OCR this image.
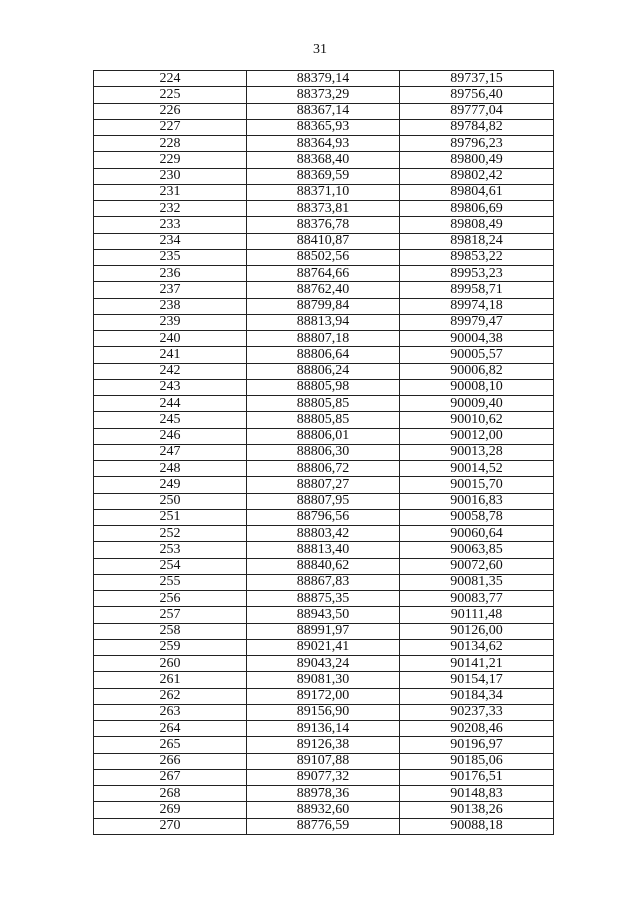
31
224	88379,14	89737,15
225	88373,29	89756,40
226	88367,14	89777,04
227	88365,93	89784,82
228	88364,93	89796,23
229	88368,40	89800,49
230	88369,59	89802,42
231	88371,10	89804,61
232	88373,81	89806,69
233	88376,78	89808,49
234	88410,87	89818,24
235	88502,56	89853,22
236	88764,66	89953,23
237	88762,40	89958,71
238	88799,84	89974,18
239	88813,94	89979,47
240	88807,18	90004,38
241	88806,64	90005,57
242	88806,24	90006,82
243	88805,98	90008,10
244	88805,85	90009,40
245	88805,85	90010,62
246	88806,01	90012,00
247	88806,30	90013,28
248	88806,72	90014,52
249	88807,27	90015,70
250	88807,95	90016,83
251	88796,56	90058,78
252	88803,42	90060,64
253	88813,40	90063,85
254	88840,62	90072,60
255	88867,83	90081,35
256	88875,35	90083,77
257	88943,50	90111,48
258	88991,97	90126,00
259	89021,41	90134,62
260	89043,24	90141,21
261	89081,30	90154,17
262	89172,00	90184,34
263	89156,90	90237,33
264	89136,14	90208,46
265	89126,38	90196,97
266	89107,88	90185,06
267	89077,32	90176,51
268	88978,36	90148,83
269	88932,60	90138,26
270	88776,59	90088,18
